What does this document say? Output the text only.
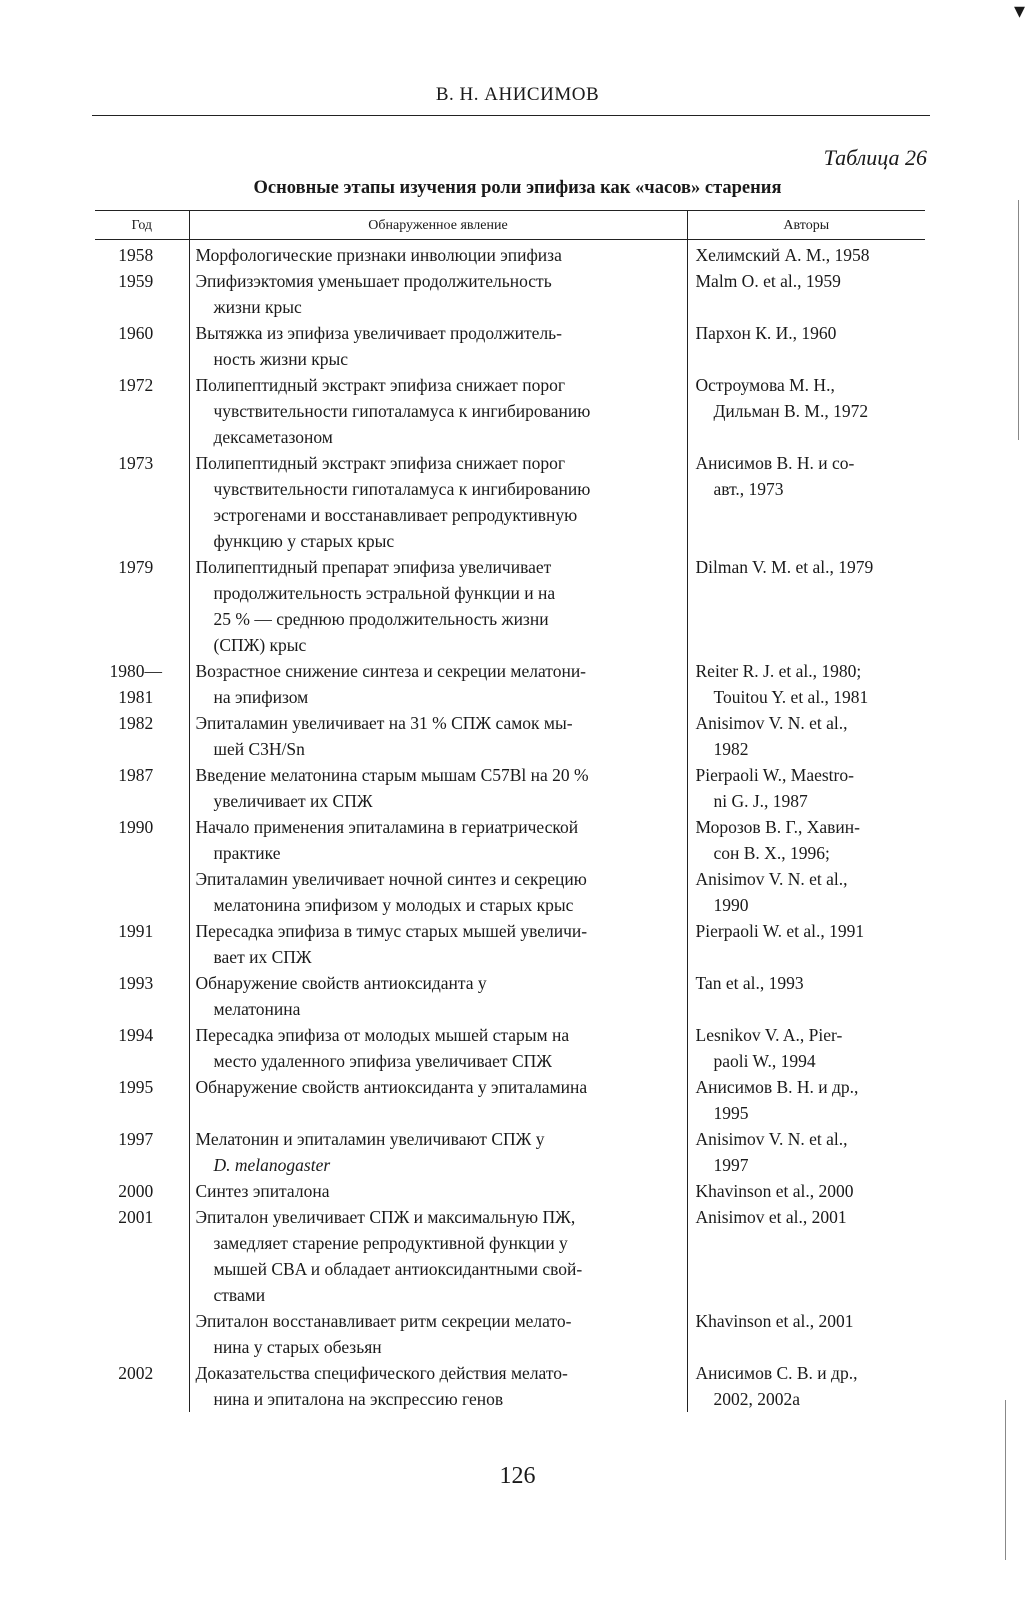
▾
В. Н. АНИСИМОВ
Таблица 26
Основные этапы изучения роли эпифиза как «часов» старения
Год	Обнаруженное явление	Авторы

1958	Морфологические признаки инволюции эпифиза	Хелимский А. М., 1958

1959	Эпифизэктомия уменьшает продолжительность
жизни крыс	Malm O. et al., 1959

1960	Вытяжка из эпифиза увеличивает продолжитель-
ность жизни крыс	Пархон К. И., 1960

1972	Полипептидный экстракт эпифиза снижает порог
чувствительности гипоталамуса к ингибированию
дексаметазоном	Остроумова М. Н.,
Дильман В. М., 1972

1973	Полипептидный экстракт эпифиза снижает порог
чувствительности гипоталамуса к ингибированию
эстрогенами и восстанавливает репродуктивную
функцию у старых крыс	Анисимов В. Н. и со-
авт., 1973

1979	Полипептидный препарат эпифиза увеличивает
продолжительность эстральной функции и на
25 % — среднюю продолжительность жизни
(СПЖ) крыс	Dilman V. M. et al., 1979

1980—
1981	Возрастное снижение синтеза и секреции мелатони-
на эпифизом	Reiter R. J. et al., 1980;
Touitou Y. et al., 1981

1982	Эпиталамин увеличивает на 31 % СПЖ самок мы-
шей C3H/Sn	Anisimov V. N. et al.,
1982

1987	Введение мелатонина старым мышам C57Bl на 20 %
увеличивает их СПЖ	Pierpaoli W., Maestro-
ni G. J., 1987

1990	Начало применения эпиталамина в гериатрической
практике	Морозов В. Г., Хавин-
сон В. Х., 1996;

	Эпиталамин увеличивает ночной синтез и секрецию
мелатонина эпифизом у молодых и старых крыс	Anisimov V. N. et al.,
1990

1991	Пересадка эпифиза в тимус старых мышей увеличи-
вает их СПЖ	Pierpaoli W. et al., 1991

1993	Обнаружение свойств антиоксиданта у
мелатонина	Tan et al., 1993

1994	Пересадка эпифиза от молодых мышей старым на
место удаленного эпифиза увеличивает СПЖ	Lesnikov V. A., Pier-
paoli W., 1994

1995	Обнаружение свойств антиоксиданта у эпиталамина	Анисимов В. Н. и др.,
1995

1997	Мелатонин и эпиталамин увеличивают СПЖ у
D. melanogaster	Anisimov V. N. et al.,
1997

2000	Синтез эпиталона	Khavinson et al., 2000

2001	Эпиталон увеличивает СПЖ и максимальную ПЖ,
замедляет старение репродуктивной функции у
мышей CBA и обладает антиоксидантными свой-
ствами	Anisimov et al., 2001

	Эпиталон восстанавливает ритм секреции мелато-
нина у старых обезьян	Khavinson et al., 2001

2002	Доказательства специфического действия мелато-
нина и эпиталона на экспрессию генов	Анисимов С. В. и др.,
2002, 2002а
126
